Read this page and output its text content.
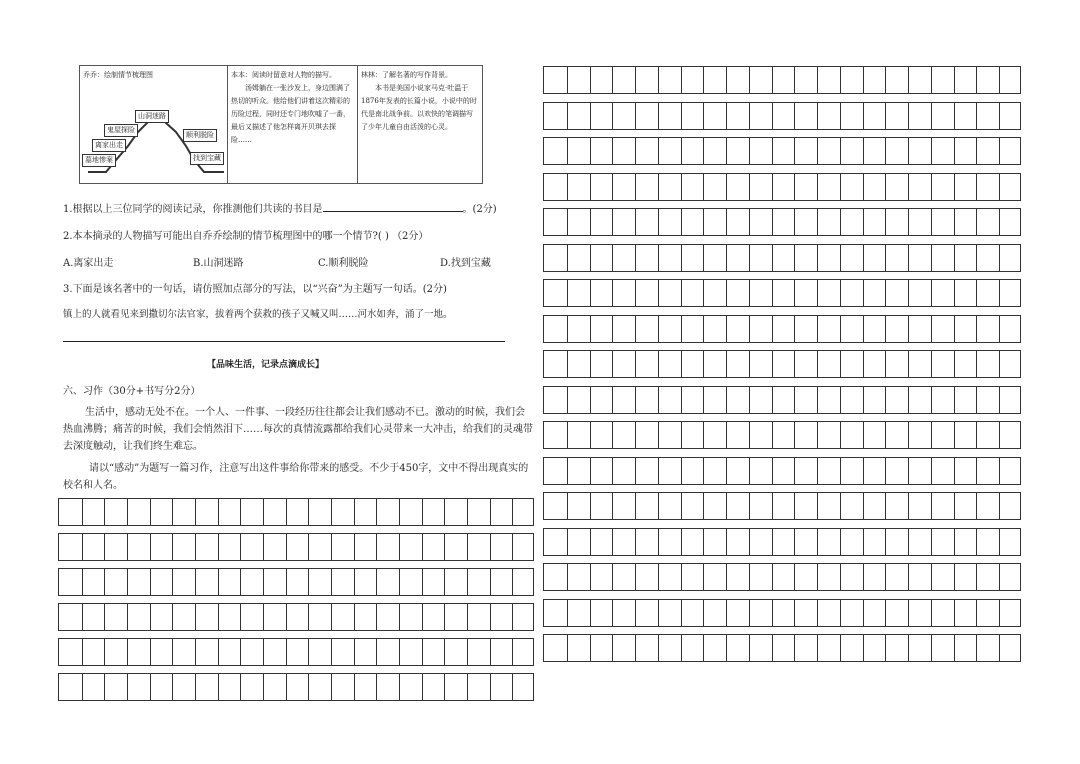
乔乔：绘制情节梳理图

山洞迷路
鬼屋探险
离家出走
墓地惨案
顺利脱险
找到宝藏

本本：阅读时留意对人物的描写。

汤姆躺在一张沙发上，身边围满了热切的听众。他给他们讲着这次精彩的历险过程，同时还专门地吹嘘了一番，最后又描述了他怎样离开贝琪去探险……

林林：了解名著的写作背景。

本书是美国小说家马克·吐温于1876年发表的长篇小说，小说中的时代是南北战争前。以欢快的笔调描写了少年儿童自由活泼的心灵。

1.根据以上三位同学的阅读记录，你推测他们共读的书目是	。(2分)
2.本本摘录的人物描写可能出自乔乔绘制的情节梳理图中的哪一个情节?( ) （2分）
A.离家出走	B.山洞迷路	C.顺利脱险	D.找到宝藏
3.下面是该名著中的一句话，请仿照加点部分的写法，以“兴奋”为主题写一句话。(2分)
镇上的人就看见来到撒切尔法官家，拔着两个获救的孩子又喊又叫……河水如奔，涌了一地。
【品味生活，记录点滴成长】
六、习作（30分+书写分2分）
生活中，感动无处不在。一个人、一件事、一段经历往往都会让我们感动不已。激动的时候，我们会热血沸腾；痛苦的时候，我们会悄然泪下……每次的真情流露都给我们心灵带来一大冲击，给我们的灵魂带去深度触动，让我们终生难忘。
请以“感动”为题写一篇习作，注意写出这件事给你带来的感受。不少于450字，文中不得出现真实的校名和人名。
